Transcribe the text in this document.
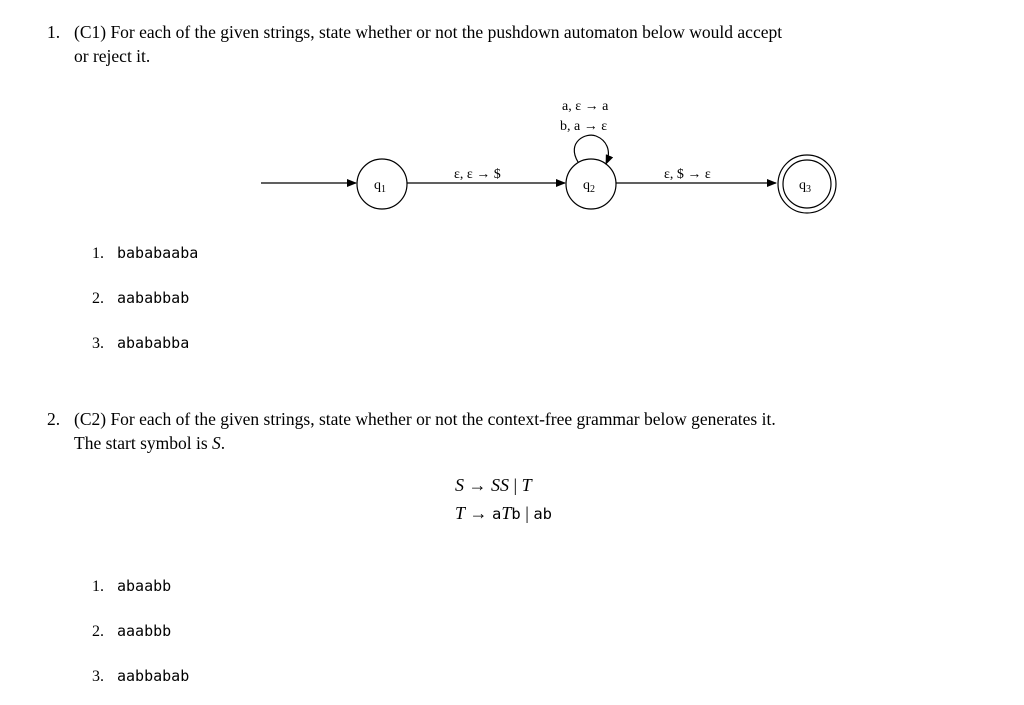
1. (C1) For each of the given strings, state whether or not the pushdown automaton below would accept
or reject it.
$q_1$
ε, ε → $
$q_2$
a, ε → a
b, a → ε
ε, $ → ε
$q_3$
1. bababaaba
2. aababbab
3. abababba
2. (C2) For each of the given strings, state whether or not the context-free grammar below generates it.
The start symbol is S.
S → SS | T
T → aTb | ab
1. abaabb
2. aaabbb
3. aabbabab
